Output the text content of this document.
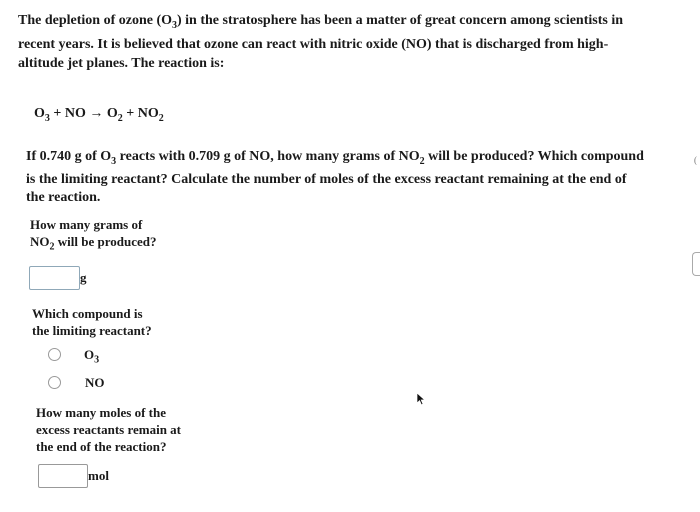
The depletion of ozone $(O_3)$ in the stratosphere has been a matter of great concern among scientists in
recent years. It is believed that ozone can react with nitric oxide (NO) that is discharged from high-
altitude jet planes. The reaction is:
$O_3$ + NO → $O_2 + NO_2$
If 0.740 g of $O_3$ reacts with 0.709 g of NO, how many grams of $NO_2$ will be produced? Which compound
is the limiting reactant? Calculate the number of moles of the excess reactant remaining at the end of
the reaction.
How many grams of
$NO_2$ will be produced?
g
Which compound is
the limiting reactant?
$O_3$
NO
How many moles of the
excess reactants remain at
the end of the reaction?
mol
(
